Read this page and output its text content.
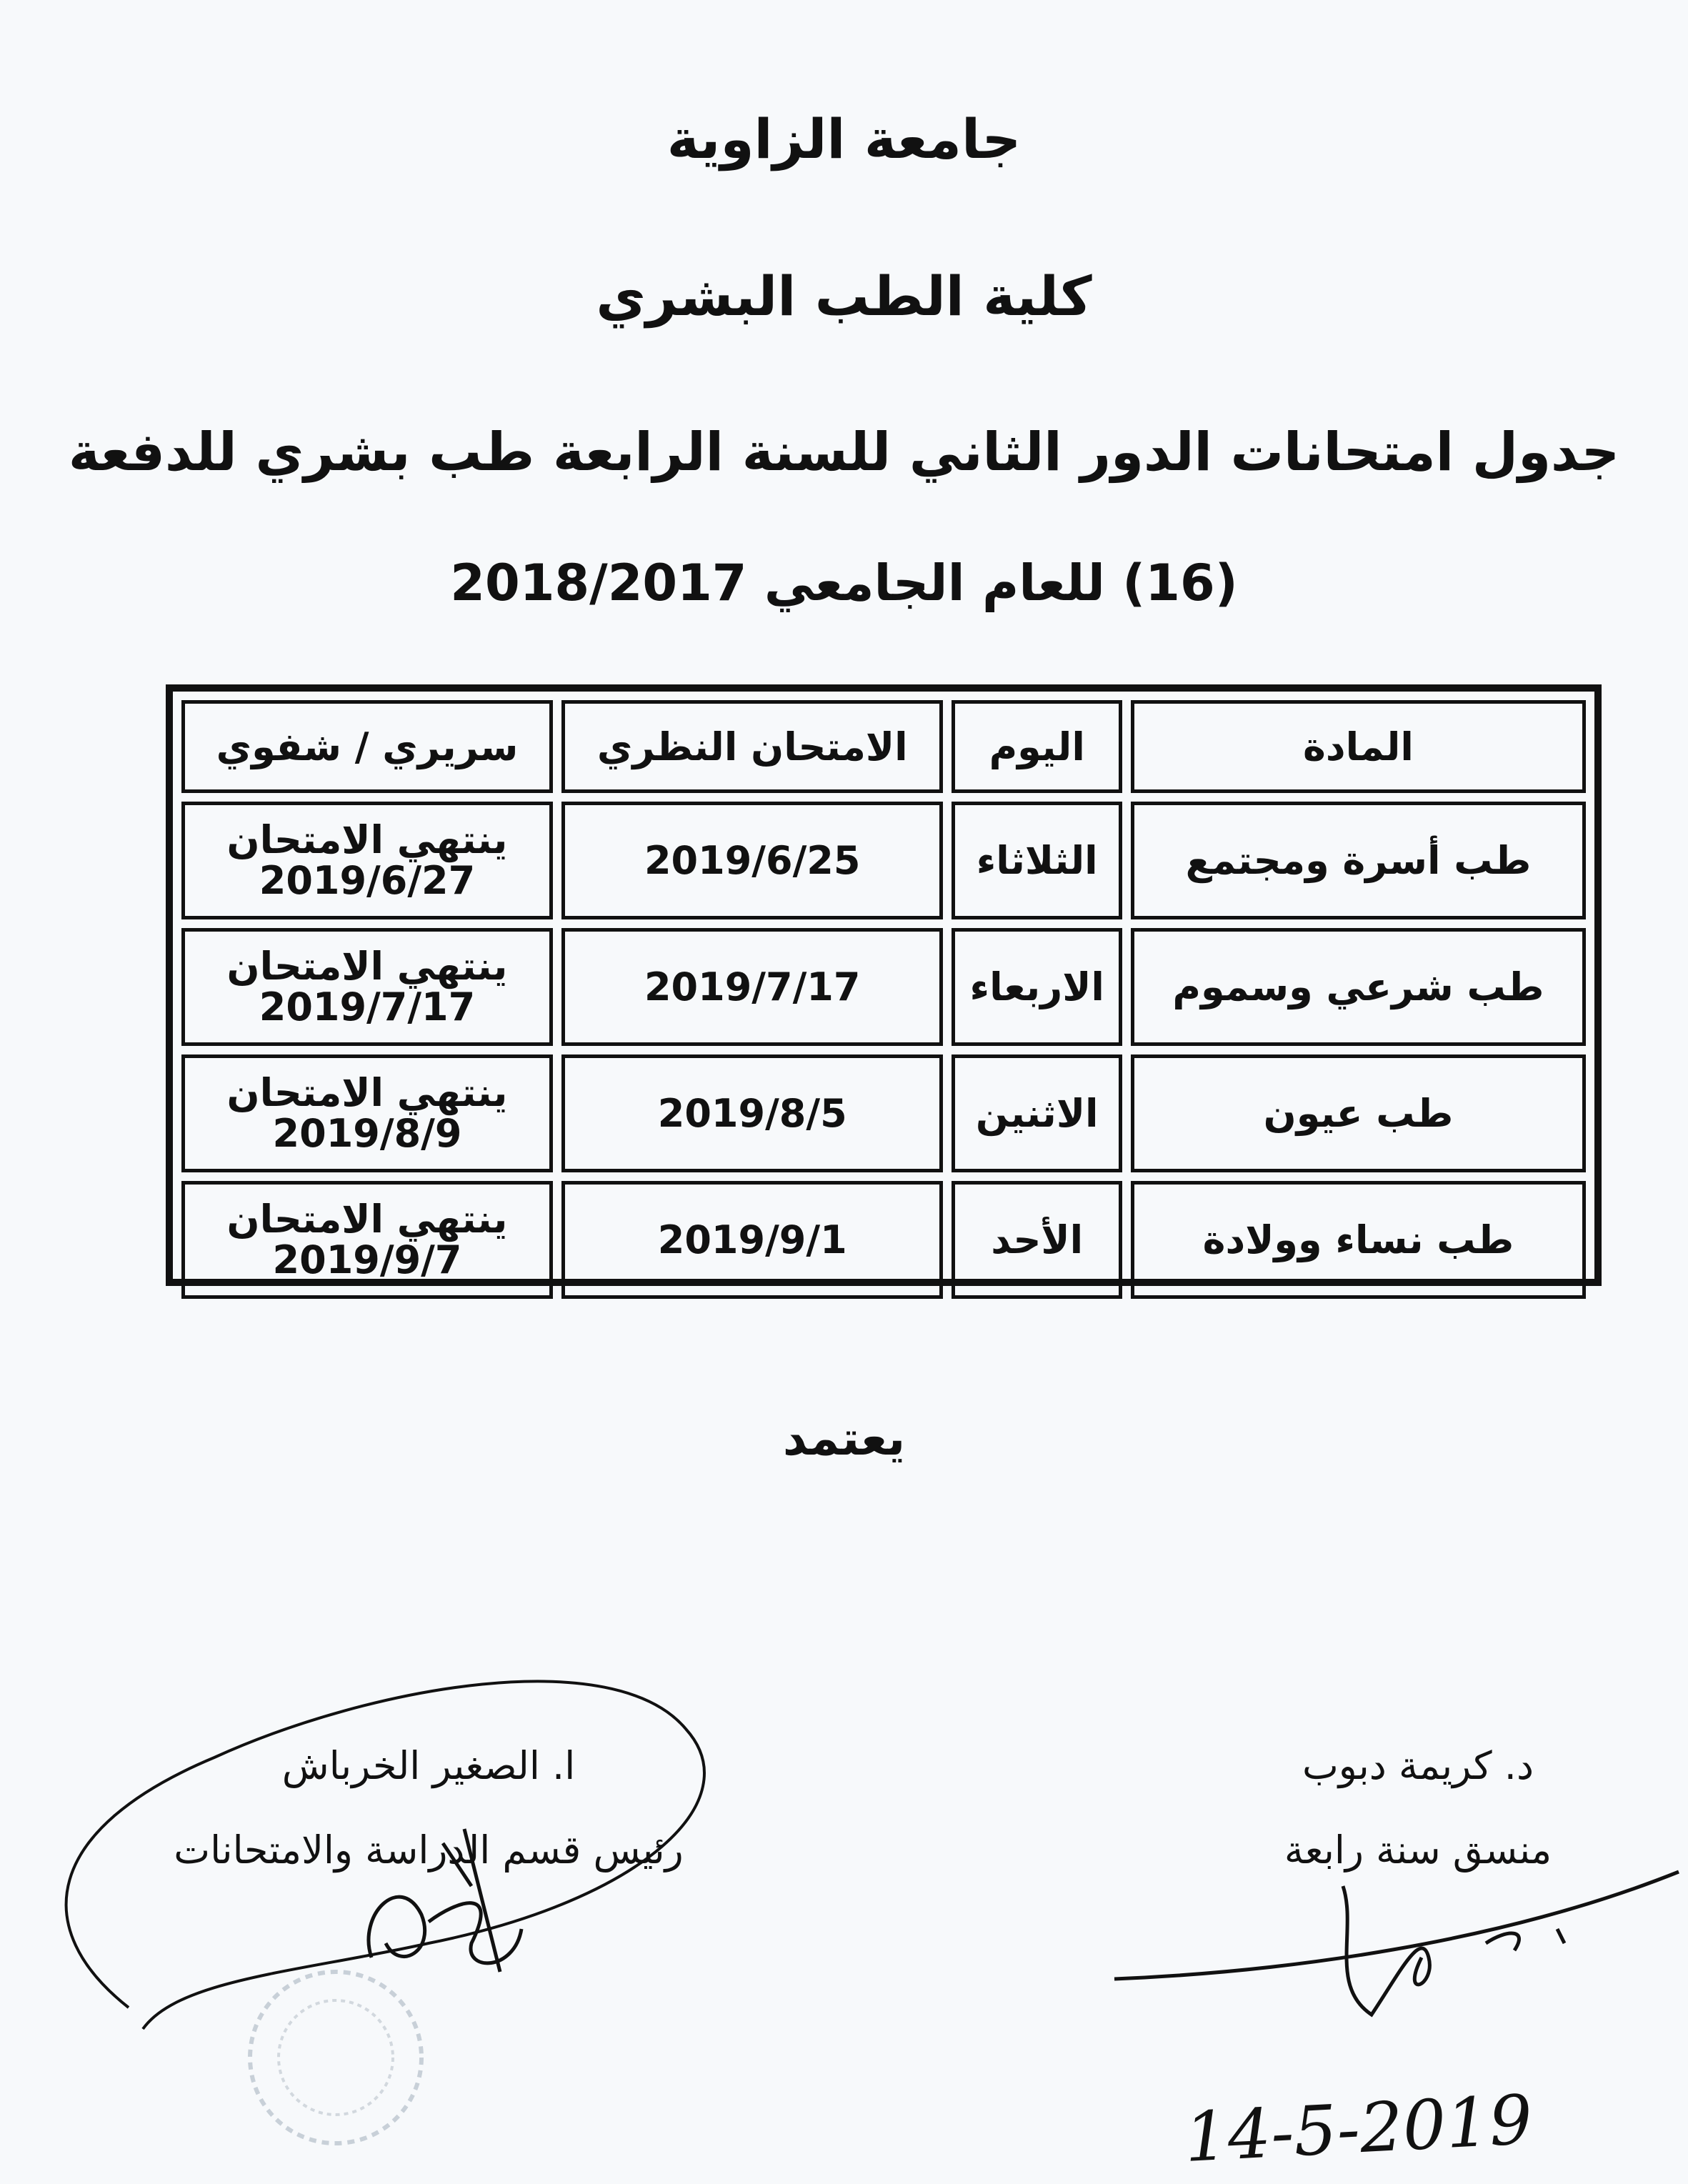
جامعة الزاوية
كلية الطب البشري
جدول امتحانات الدور الثاني للسنة الرابعة طب بشري للدفعة
(16) للعام الجامعي 2018/2017
المادة	اليوم	الامتحان النظري	سريري / شفوي
طب أسرة ومجتمع	الثلاثاء	2019/6/25	ينتهي الامتحان
2019/6/27

طب شرعي وسموم	الاربعاء	2019/7/17	ينتهي الامتحان
2019/7/17

طب عيون	الاثنين	2019/8/5	ينتهي الامتحان
2019/8/9

طب نساء وولادة	الأحد	2019/9/1	ينتهي الامتحان
2019/9/7
يعتمد
د. كريمة دبوب
منسق سنة رابعة
ا. الصغير الخرباش
رئيس قسم الدراسة والامتحانات
14-5-2019
